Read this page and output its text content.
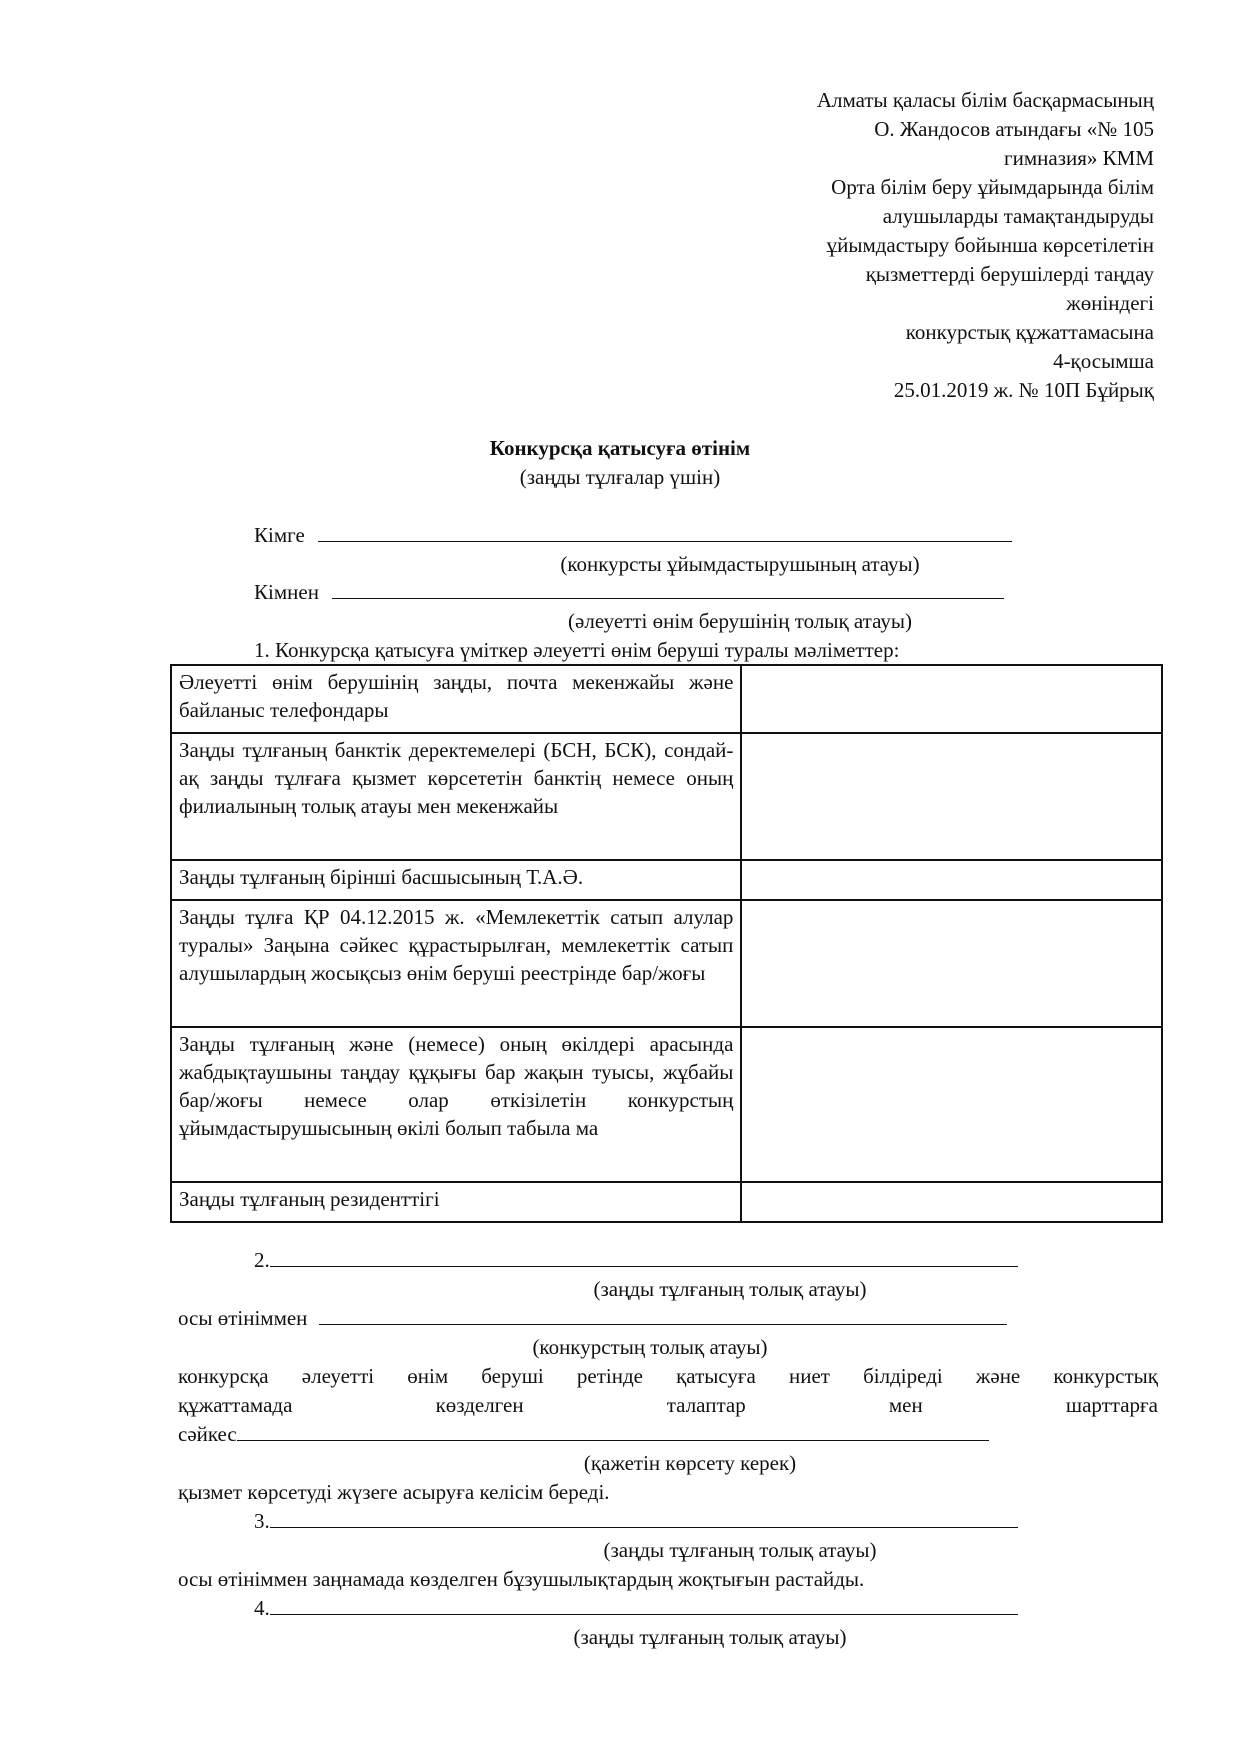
Алматы қаласы білім басқармасының
О. Жандосов атындағы «№ 105
гимназия» КММ
Орта білім беру ұйымдарында білім
алушыларды тамақтандыруды
ұйымдастыру бойынша көрсетілетін
қызметтерді берушілерді таңдау
жөніндегі
конкурстық құжаттамасына
4-қосымша
25.01.2019 ж. № 10П Бұйрық
Конкурсқа қатысуға өтінім
(заңды тұлғалар үшін)
Кімге
(конкурсты ұйымдастырушының атауы)
Кімнен
(әлеуетті өнім берушінің толық атауы)
1. Конкурсқа қатысуға үміткер әлеуетті өнім беруші туралы мәліметтер:
Әлеуетті өнім берушінің заңды, почта мекенжайы және байланыс телефондары	
Заңды тұлғаның банктік деректемелері (БСН, БСК), сондай-ақ заңды тұлғаға қызмет көрсететін банктің немесе оның филиалының толық атауы мен мекенжайы	
Заңды тұлғаның бірінші басшысының Т.А.Ә.	
Заңды тұлға ҚР 04.12.2015 ж. «Мемлекеттік сатып алулар туралы» Заңына сәйкес құрастырылған, мемлекеттік сатып алушылардың жосықсыз өнім беруші реестрінде бар/жоғы	
Заңды тұлғаның және (немесе) оның өкілдері арасында жабдықтаушыны таңдау құқығы бар жақын туысы, жұбайы бар/жоғы немесе олар өткізілетін конкурстың ұйымдастырушысының өкілі болып табыла ма	
Заңды тұлғаның резиденттігі	
2.
(заңды тұлғаның толық атауы)
осы өтініммен
(конкурстың толық атауы)
конкурсқа әлеуетті өнім беруші ретінде қатысуға ниет білдіреді және конкурстық
құжаттамада көзделген талаптар мен шарттарға
сәйкес
(қажетін көрсету керек)
қызмет көрсетуді жүзеге асыруға келісім береді.
3.
(заңды тұлғаның толық атауы)
осы өтініммен заңнамада көзделген бұзушылықтардың жоқтығын растайды.
4.
(заңды тұлғаның толық атауы)
